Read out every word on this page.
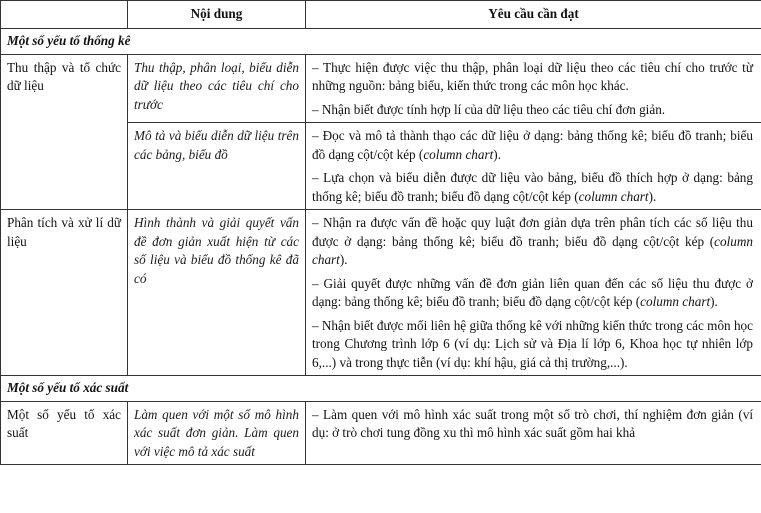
	Nội dung	Yêu cầu cần đạt
Một số yếu tố thống kê		
Thu thập và tổ chức dữ liệu	Thu thập, phân loại, biểu diễn dữ liệu theo các tiêu chí cho trước	– Thực hiện được việc thu thập, phân loại dữ liệu theo các tiêu chí cho trước từ những nguồn: bảng biểu, kiến thức trong các môn học khác.

– Nhận biết được tính hợp lí của dữ liệu theo các tiêu chí đơn giản.

	Mô tả và biểu diễn dữ liệu trên các bảng, biểu đồ	– Đọc và mô tả thành thạo các dữ liệu ở dạng: bảng thống kê; biểu đồ tranh; biểu đồ dạng cột/cột kép (column chart).

– Lựa chọn và biểu diễn được dữ liệu vào bảng, biểu đồ thích hợp ở dạng: bảng thống kê; biểu đồ tranh; biểu đồ dạng cột/cột kép (column chart).

Phân tích và xử lí dữ liệu	Hình thành và giải quyết vấn đề đơn giản xuất hiện từ các số liệu và biểu đồ thống kê đã có	– Nhận ra được vấn đề hoặc quy luật đơn giản dựa trên phân tích các số liệu thu được ở dạng: bảng thống kê; biểu đồ tranh; biểu đồ dạng cột/cột kép (column chart).

– Giải quyết được những vấn đề đơn giản liên quan đến các số liệu thu được ở dạng: bảng thống kê; biểu đồ tranh; biểu đồ dạng cột/cột kép (column chart).

– Nhận biết được mối liên hệ giữa thống kê với những kiến thức trong các môn học trong Chương trình lớp 6 (ví dụ: Lịch sử và Địa lí lớp 6, Khoa học tự nhiên lớp 6,...) và trong thực tiễn (ví dụ: khí hậu, giá cả thị trường,...).

Một số yếu tố xác suất		
Một số yếu tố xác suất	Làm quen với một số mô hình xác suất đơn giản. Làm quen với việc mô tả xác suất	– Làm quen với mô hình xác suất trong một số trò chơi, thí nghiệm đơn giản (ví dụ: ở trò chơi tung đồng xu thì mô hình xác suất gồm hai khả
